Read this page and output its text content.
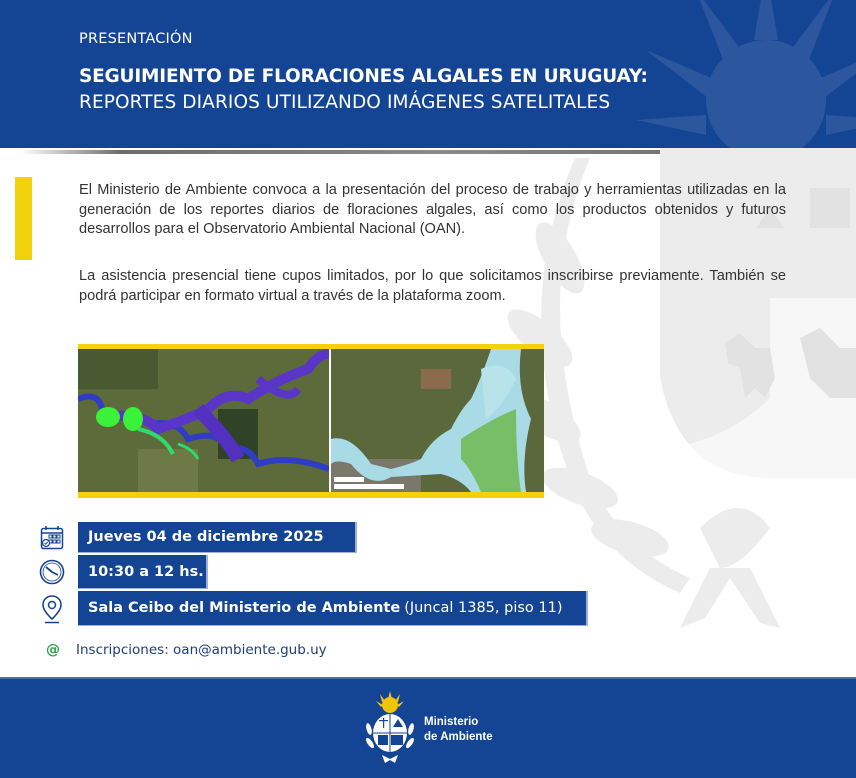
PRESENTACIÓN
SEGUIMIENTO DE FLORACIONES ALGALES EN URUGUAY:
REPORTES DIARIOS UTILIZANDO IMÁGENES SATELITALES

El Ministerio de Ambiente convoca a la presentación del proceso de trabajo y herramientas utilizadas en la generación de los reportes diarios de floraciones algales, así como los productos obtenidos y futuros desarrollos para el Observatorio Ambiental Nacional (OAN).

La asistencia presencial tiene cupos limitados, por lo que solicitamos inscribirse previamente. También se podrá participar en formato virtual a través de la plataforma zoom.

Jueves 04 de diciembre 2025
10:30 a 12 hs.
Sala Ceibo del Ministerio de Ambiente (Juncal 1385, piso 11)
@ Inscripciones: oan@ambiente.gub.uy
Ministerio
de Ambiente
